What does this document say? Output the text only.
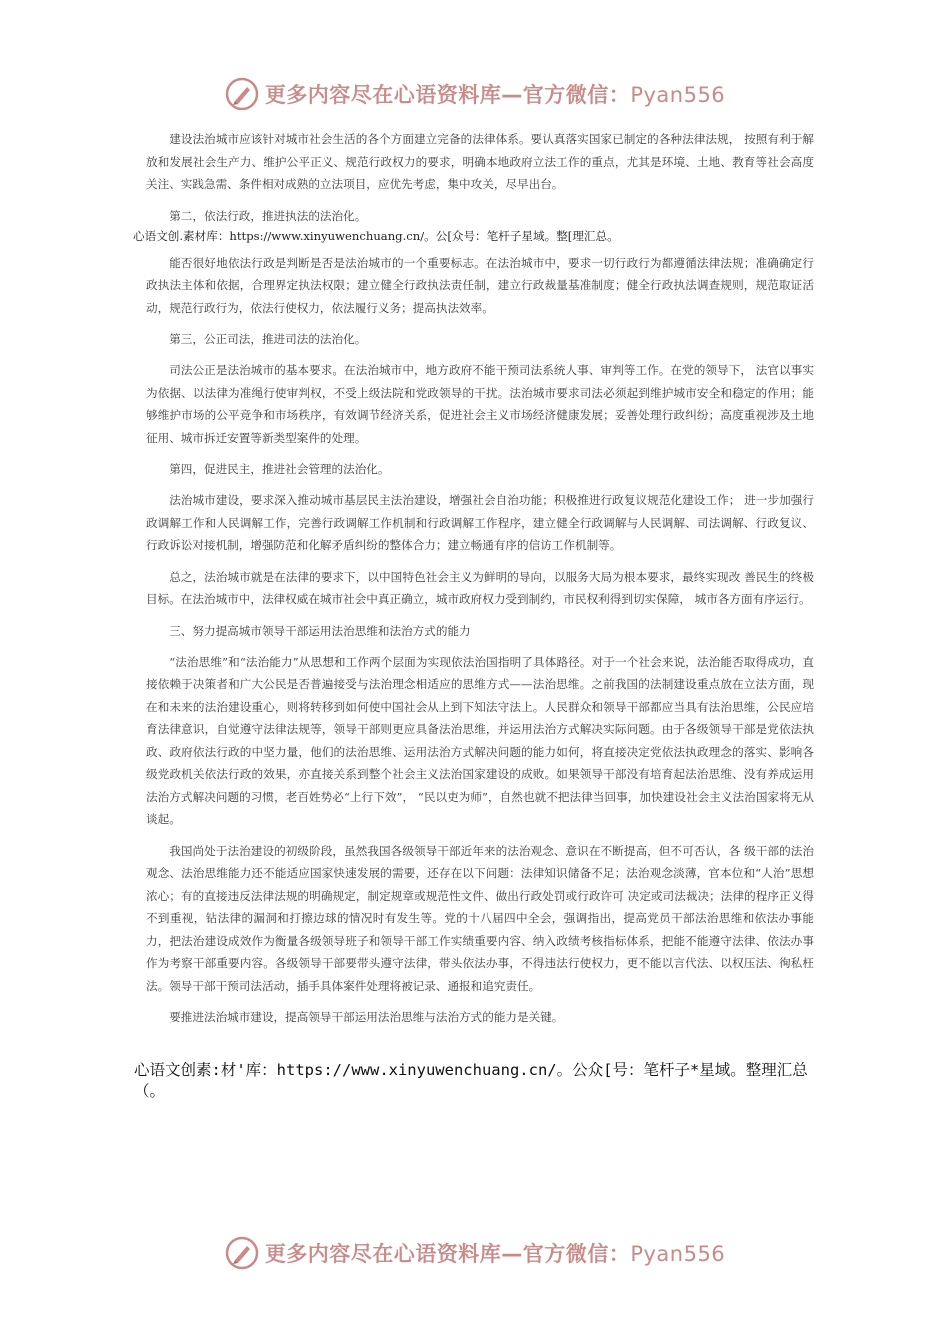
更多内容尽在心语资料库—官方微信：Pyan556

建设法治城市应该针对城市社会生活的各个方面建立完备的法律体系。要认真落实国家已制定的各种法律法规， 按照有利于解放和发展社会生产力、维护公平正义、规范行政权力的要求，明确本地政府立法工作的重点，尤其是环境、土地、教育等社会高度关注、实践急需、条件相对成熟的立法项目，应优先考虑，集中攻关，尽早出台。

第二，依法行政，推进执法的法治化。

心语文创.素材库：https://www.xinyuwenchuang.cn/。公[众号：笔杆子星域。整[理汇总。

能否很好地依法行政是判断是否是法治城市的一个重要标志。在法治城市中，要求一切行政行为都遵循法律法规；准确确定行政执法主体和依据，合理界定执法权限；建立健全行政执法责任制，建立行政裁量基准制度；健全行政执法调查规则，规范取证活动，规范行政行为，依法行使权力，依法履行义务；提高执法效率。

第三，公正司法，推进司法的法治化。

司法公正是法治城市的基本要求。在法治城市中，地方政府不能干预司法系统人事、审判等工作。在党的领导下， 法官以事实为依据、以法律为准绳行使审判权，不受上级法院和党政领导的干扰。法治城市要求司法必须起到维护城市安全和稳定的作用；能够维护市场的公平竞争和市场秩序，有效调节经济关系，促进社会主义市场经济健康发展；妥善处理行政纠纷；高度重视涉及土地征用、城市拆迁安置等新类型案件的处理。

第四，促进民主，推进社会管理的法治化。

法治城市建设，要求深入推动城市基层民主法治建设，增强社会自治功能；积极推进行政复议规范化建设工作； 进一步加强行政调解工作和人民调解工作，完善行政调解工作机制和行政调解工作程序，建立健全行政调解与人民调解、司法调解、行政复议、行政诉讼对接机制，增强防范和化解矛盾纠纷的整体合力；建立畅通有序的信访工作机制等。

总之，法治城市就是在法律的要求下，以中国特色社会主义为鲜明的导向，以服务大局为根本要求，最终实现改 善民生的终极目标。在法治城市中，法律权威在城市社会中真正确立，城市政府权力受到制约，市民权利得到切实保障， 城市各方面有序运行。

三、努力提高城市领导干部运用法治思维和法治方式的能力

“法治思维”和“法治能力”从思想和工作两个层面为实现依法治国指明了具体路径。对于一个社会来说，法治能否取得成功，直接依赖于决策者和广大公民是否普遍接受与法治理念相适应的思维方式——法治思维。之前我国的法制建设重点放在立法方面，现在和未来的法治建设重心，则将转移到如何使中国社会从上到下知法守法上。人民群众和领导干部都应当具有法治思维，公民应培育法律意识，自觉遵守法律法规等，领导干部则更应具备法治思维，并运用法治方式解决实际问题。由于各级领导干部是党依法执政、政府依法行政的中坚力量，他们的法治思维、运用法治方式解决问题的能力如何，将直接决定党依法执政理念的落实、影响各级党政机关依法行政的效果，亦直接关系到整个社会主义法治国家建设的成败。如果领导干部没有培育起法治思维、没有养成运用法治方式解决问题的习惯，老百姓势必“上行下效”， “民以吏为师”，自然也就不把法律当回事，加快建设社会主义法治国家将无从谈起。

我国尚处于法治建设的初级阶段，虽然我国各级领导干部近年来的法治观念、意识在不断提高，但不可否认，各 级干部的法治观念、法治思维能力还不能适应国家快速发展的需要，还存在以下问题：法律知识储备不足；法治观念淡薄，官本位和“人治”思想浓心；有的直接违反法律法规的明确规定，制定规章或规范性文件、做出行政处罚或行政许可 决定或司法裁决；法律的程序正义得不到重视，钻法律的漏洞和打擦边球的情况时有发生等。党的十八届四中全会，强调指出，提高党员干部法治思维和依法办事能力，把法治建设成效作为衡量各级领导班子和领导干部工作实绩重要内容、纳入政绩考核指标体系，把能不能遵守法律、依法办事作为考察干部重要内容。各级领导干部要带头遵守法律，带头依法办事，不得违法行使权力，更不能以言代法、以权压法、徇私枉法。领导干部干预司法活动，插手具体案件处理将被记录、通报和追究责任。

要推进法治城市建设，提高领导干部运用法治思维与法治方式的能力是关键。

心语文创素:材'库：https://www.xinyuwenchuang.cn/。公众[号：笔杆子*星域。整理汇总（。
更多内容尽在心语资料库—官方微信：Pyan556
